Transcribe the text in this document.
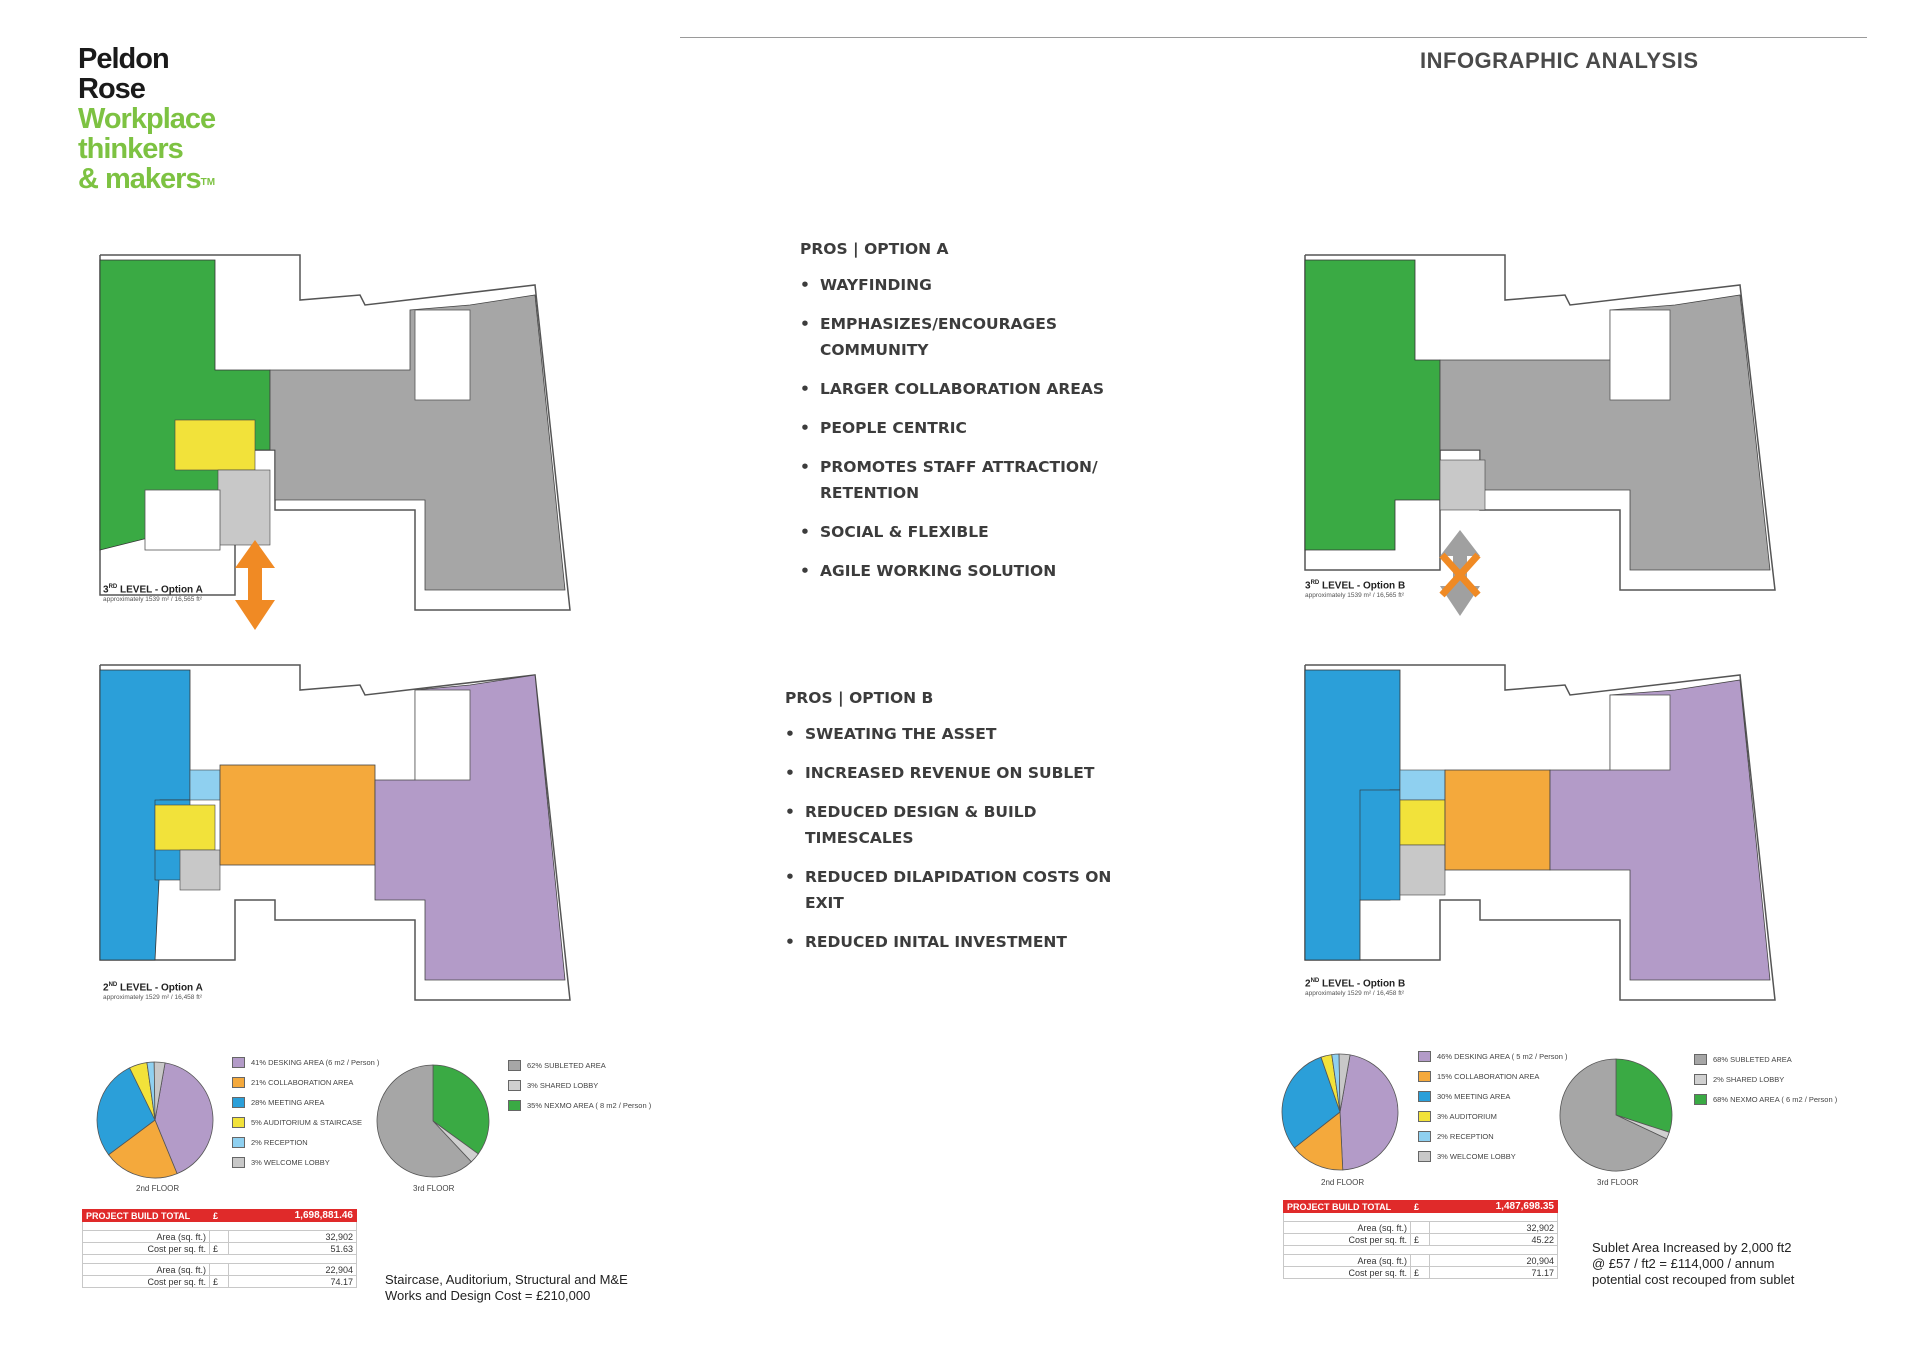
Peldon
Rose
Workplace
thinkers
& makers™
INFOGRAPHIC ANALYSIS
3RD LEVEL - Option A
approximately 1539 m² / 16,565 ft²
2ND LEVEL - Option A
approximately 1529 m² / 16,458 ft²
3RD LEVEL - Option B
approximately 1539 m² / 16,565 ft²
2ND LEVEL - Option B
approximately 1529 m² / 16,458 ft²
PROS | OPTION A
• WAYFINDING
• EMPHASIZES/ENCOURAGES COMMUNITY
• LARGER COLLABORATION AREAS
• PEOPLE CENTRIC
• PROMOTES STAFF ATTRACTION/ RETENTION
• SOCIAL & FLEXIBLE
• AGILE WORKING SOLUTION
PROS | OPTION B
• SWEATING THE ASSET
• INCREASED REVENUE ON SUBLET
• REDUCED DESIGN & BUILD TIMESCALES
• REDUCED DILAPIDATION COSTS ON EXIT
• REDUCED INITAL INVESTMENT
2nd FLOOR	3rd FLOOR
2nd FLOOR	3rd FLOOR
41% DESKING AREA (6 m2 / Person )
21% COLLABORATION AREA
28% MEETING AREA
5% AUDITORIUM & STAIRCASE
2% RECEPTION
3% WELCOME LOBBY
62% SUBLETED AREA
3% SHARED LOBBY
35% NEXMO AREA ( 8 m2 / Person )
46% DESKING AREA ( 5 m2 / Person )
15% COLLABORATION AREA
30% MEETING AREA
3% AUDITORIUM
2% RECEPTION
3% WELCOME LOBBY
68% SUBLETED AREA
2% SHARED LOBBY
68% NEXMO AREA ( 6 m2 / Person )
PROJECT BUILD TOTAL	£	1,698,881.46

Area (sq. ft.)		32,902
Cost per sq. ft.	£	51.63

Area (sq. ft.)		22,904
Cost per sq. ft.	£	74.17
PROJECT BUILD TOTAL	£	1,487,698.35

Area (sq. ft.)		32,902
Cost per sq. ft.	£	45.22

Area (sq. ft.)		20,904
Cost per sq. ft.	£	71.17
Staircase, Auditorium, Structural and M&E
Works and Design Cost = £210,000
Sublet Area Increased by 2,000 ft2
@ £57 / ft2 = £114,000 / annum
potential cost recouped from sublet
